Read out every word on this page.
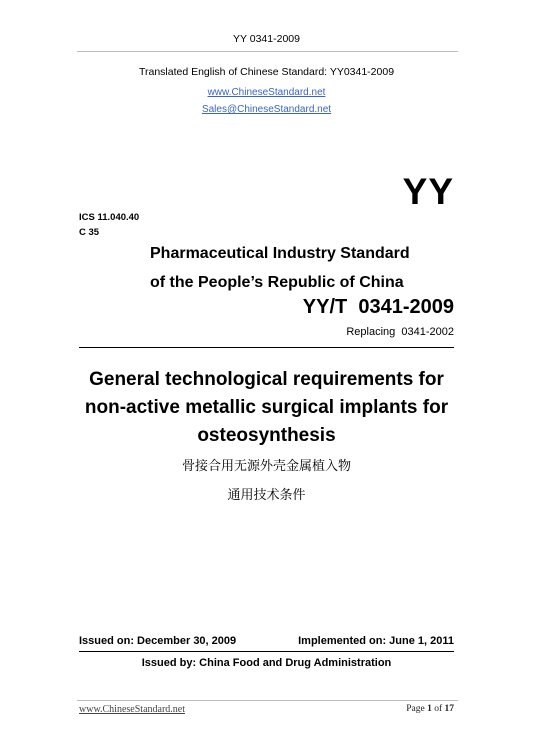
YY 0341-2009
Translated English of Chinese Standard: YY0341-2009
www.ChineseStandard.net
Sales@ChineseStandard.net
YY
ICS 11.040.40
C 35
Pharmaceutical Industry Standard
of the People’s Republic of China
YY/T  0341-2009
Replacing  0341-2002
General technological requirements for
non-active metallic surgical implants for
osteosynthesis
骨接合用无源外壳金属植入物
通用技术条件
Issued on: December 30, 2009	Implemented on: June 1, 2011
Issued by: China Food and Drug Administration
www.ChineseStandard.net	Page 1 of 17
